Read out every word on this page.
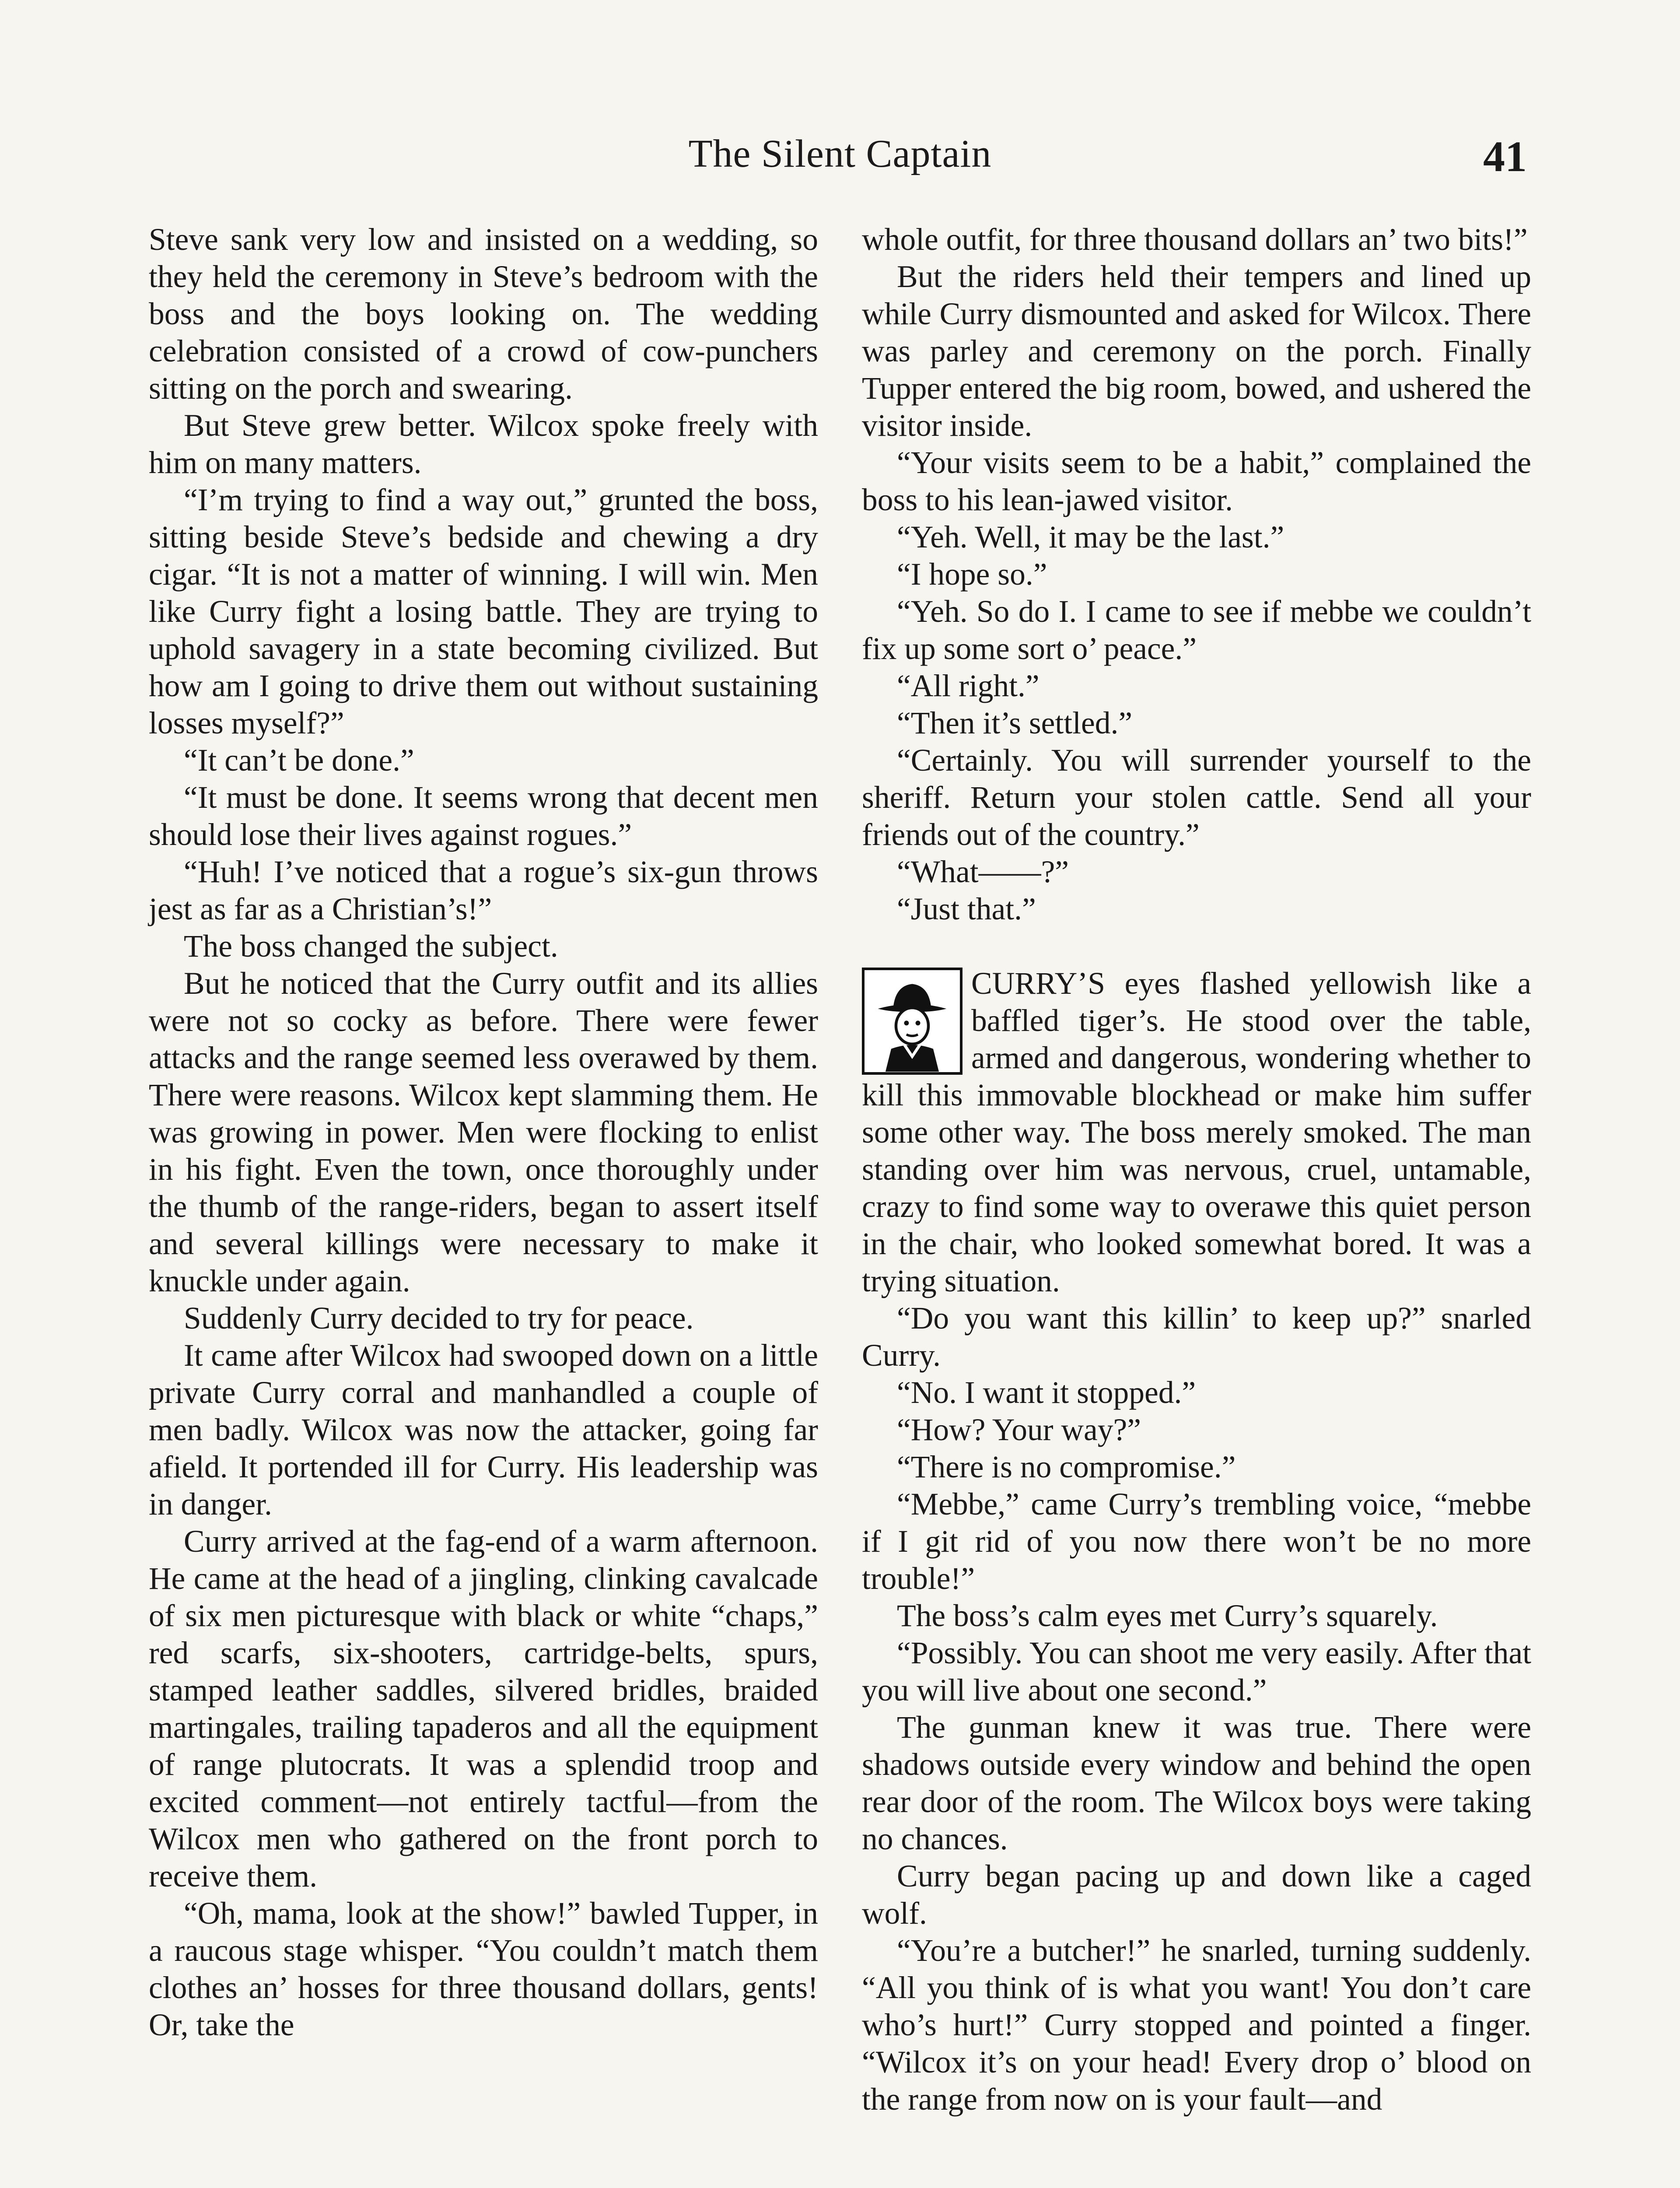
The Silent Captain	41

Steve sank very low and insisted on a wedding, so they held the ceremony in Steve’s bedroom with the boss and the boys looking on. The wedding celebration consisted of a crowd of cow-punchers sitting on the porch and swearing.

But Steve grew better. Wilcox spoke freely with him on many matters.

“I’m trying to find a way out,” grunted the boss, sitting beside Steve’s bedside and chewing a dry cigar. “It is not a matter of winning. I will win. Men like Curry fight a losing battle. They are trying to uphold savagery in a state becoming civilized. But how am I going to drive them out without sustaining losses myself?”

“It can’t be done.”

“It must be done. It seems wrong that decent men should lose their lives against rogues.”

“Huh! I’ve noticed that a rogue’s six-gun throws jest as far as a Christian’s!”

The boss changed the subject.

But he noticed that the Curry outfit and its allies were not so cocky as before. There were fewer attacks and the range seemed less overawed by them. There were reasons. Wilcox kept slamming them. He was growing in power. Men were flocking to enlist in his fight. Even the town, once thoroughly under the thumb of the range-riders, began to assert itself and several killings were necessary to make it knuckle under again.

Suddenly Curry decided to try for peace.

It came after Wilcox had swooped down on a little private Curry corral and manhandled a couple of men badly. Wilcox was now the attacker, going far afield. It portended ill for Curry. His leadership was in danger.

Curry arrived at the fag-end of a warm afternoon. He came at the head of a jingling, clinking cavalcade of six men picturesque with black or white “chaps,” red scarfs, six-shooters, cartridge-belts, spurs, stamped leather saddles, silvered bridles, braided martingales, trailing tapaderos and all the equipment of range plutocrats. It was a splendid troop and excited comment—not entirely tactful—from the Wilcox men who gathered on the front porch to receive them.

“Oh, mama, look at the show!” bawled Tupper, in a raucous stage whisper. “You couldn’t match them clothes an’ hosses for three thousand dollars, gents! Or, take the

whole outfit, for three thousand dollars an’ two bits!”

But the riders held their tempers and lined up while Curry dismounted and asked for Wilcox. There was parley and ceremony on the porch. Finally Tupper entered the big room, bowed, and ushered the visitor inside.

“Your visits seem to be a habit,” complained the boss to his lean-jawed visitor.

“Yeh. Well, it may be the last.”

“I hope so.”

“Yeh. So do I. I came to see if mebbe we couldn’t fix up some sort o’ peace.”

“All right.”

“Then it’s settled.”

“Certainly. You will surrender yourself to the sheriff. Return your stolen cattle. Send all your friends out of the country.”

“What——?”

“Just that.”

CURRY’S eyes flashed yellowish like a baffled tiger’s. He stood over the table, armed and dangerous, wondering whether to kill this immovable blockhead or make him suffer some other way. The boss merely smoked. The man standing over him was nervous, cruel, untamable, crazy to find some way to overawe this quiet person in the chair, who looked somewhat bored. It was a trying situation.

“Do you want this killin’ to keep up?” snarled Curry.

“No. I want it stopped.”

“How? Your way?”

“There is no compromise.”

“Mebbe,” came Curry’s trembling voice, “mebbe if I git rid of you now there won’t be no more trouble!”

The boss’s calm eyes met Curry’s squarely.

“Possibly. You can shoot me very easily. After that you will live about one second.”

The gunman knew it was true. There were shadows outside every window and behind the open rear door of the room. The Wilcox boys were taking no chances.

Curry began pacing up and down like a caged wolf.

“You’re a butcher!” he snarled, turning suddenly. “All you think of is what you want! You don’t care who’s hurt!” Curry stopped and pointed a finger. “Wilcox it’s on your head! Every drop o’ blood on the range from now on is your fault—and
